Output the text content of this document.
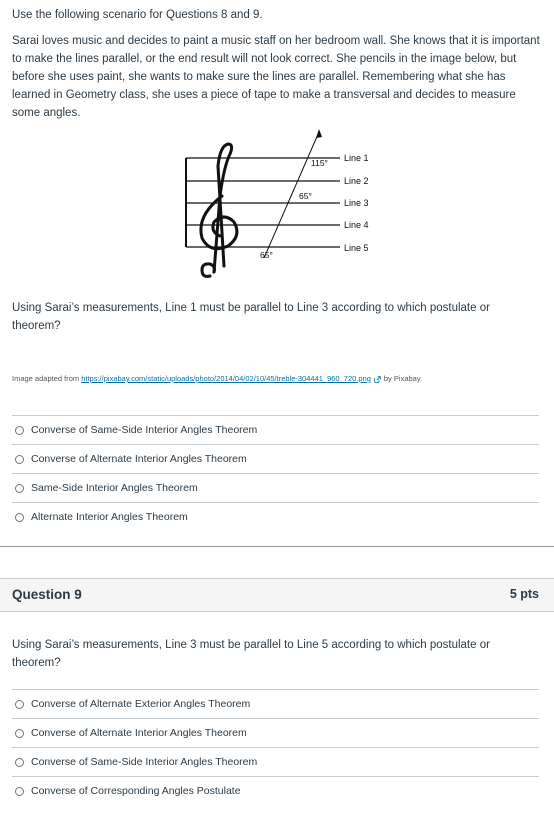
Use the following scenario for Questions 8 and 9.
Sarai loves music and decides to paint a music staff on her bedroom wall. She knows that it is important to make the lines parallel, or the end result will not look correct. She pencils in the image below, but before she uses paint, she wants to make sure the lines are parallel. Remembering what she has learned in Geometry class, she uses a piece of tape to make a transversal and decides to measure some angles.
115°
65°
65°
Line 1
Line 2
Line 3
Line 4
Line 5
Using Sarai’s measurements, Line 1 must be parallel to Line 3 according to which postulate or theorem?
Image adapted from https://pixabay.com/static/uploads/photo/2014/04/02/10/45/treble-304441_960_720.png by Pixabay.
Converse of Same-Side Interior Angles Theorem
Converse of Alternate Interior Angles Theorem
Same-Side Interior Angles Theorem
Alternate Interior Angles Theorem
Question 9	5 pts
Using Sarai’s measurements, Line 3 must be parallel to Line 5 according to which postulate or theorem?
Converse of Alternate Exterior Angles Theorem
Converse of Alternate Interior Angles Theorem
Converse of Same-Side Interior Angles Theorem
Converse of Corresponding Angles Postulate
